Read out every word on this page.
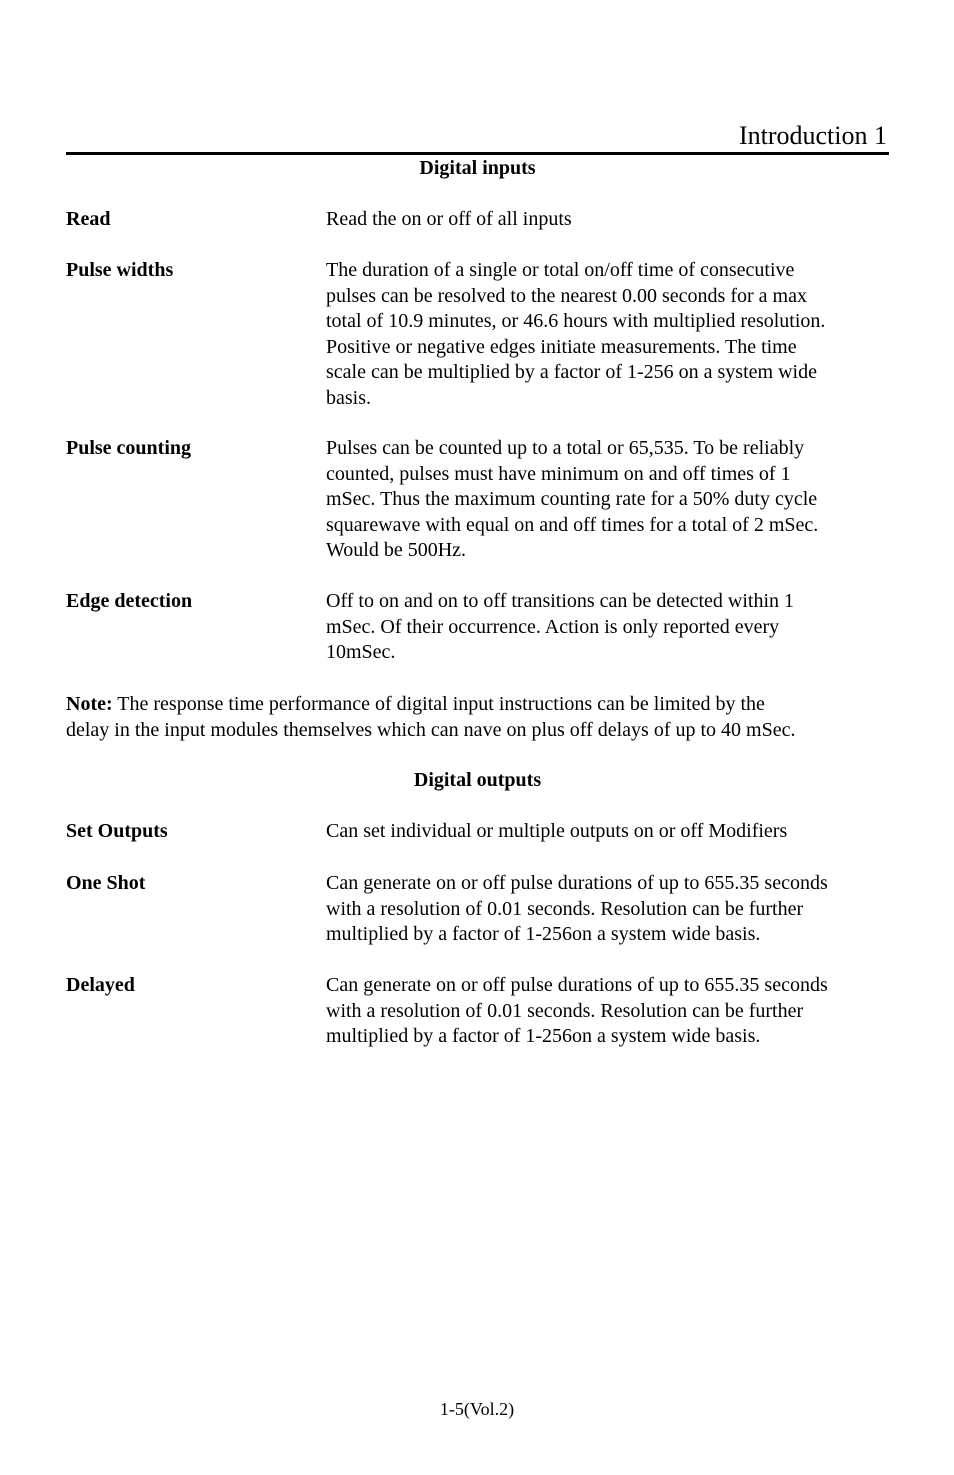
Introduction 1
Digital inputs
Read	Read the on or off of all inputs
Pulse widths	The duration of a single or total on/off time of consecutive
pulses can be resolved to the nearest 0.00 seconds for a max
total of 10.9 minutes, or 46.6 hours with multiplied resolution.
Positive or negative edges initiate measurements. The time
scale can be multiplied by a factor of 1-256 on a system wide
basis.
Pulse counting	Pulses can be counted up to a total or 65,535. To be reliably
counted, pulses must have minimum on and off times of 1
mSec. Thus the maximum counting rate for a 50% duty cycle
squarewave with equal on and off times for a total of 2 mSec.
Would be 500Hz.
Edge detection	Off to on and on to off transitions can be detected within 1
mSec. Of their occurrence. Action is only reported every
10mSec.
Note: The response time performance of digital input instructions can be limited by the
delay in the input modules themselves which can nave on plus off delays of up to 40 mSec.
Digital outputs
Set Outputs	Can set individual or multiple outputs on or off Modifiers
One Shot	Can generate on or off pulse durations of up to 655.35 seconds
with a resolution of 0.01 seconds. Resolution can be further
multiplied by a factor of 1-256on a system wide basis.
Delayed	Can generate on or off pulse durations of up to 655.35 seconds
with a resolution of 0.01 seconds. Resolution can be further
multiplied by a factor of 1-256on a system wide basis.
1-5(Vol.2)
